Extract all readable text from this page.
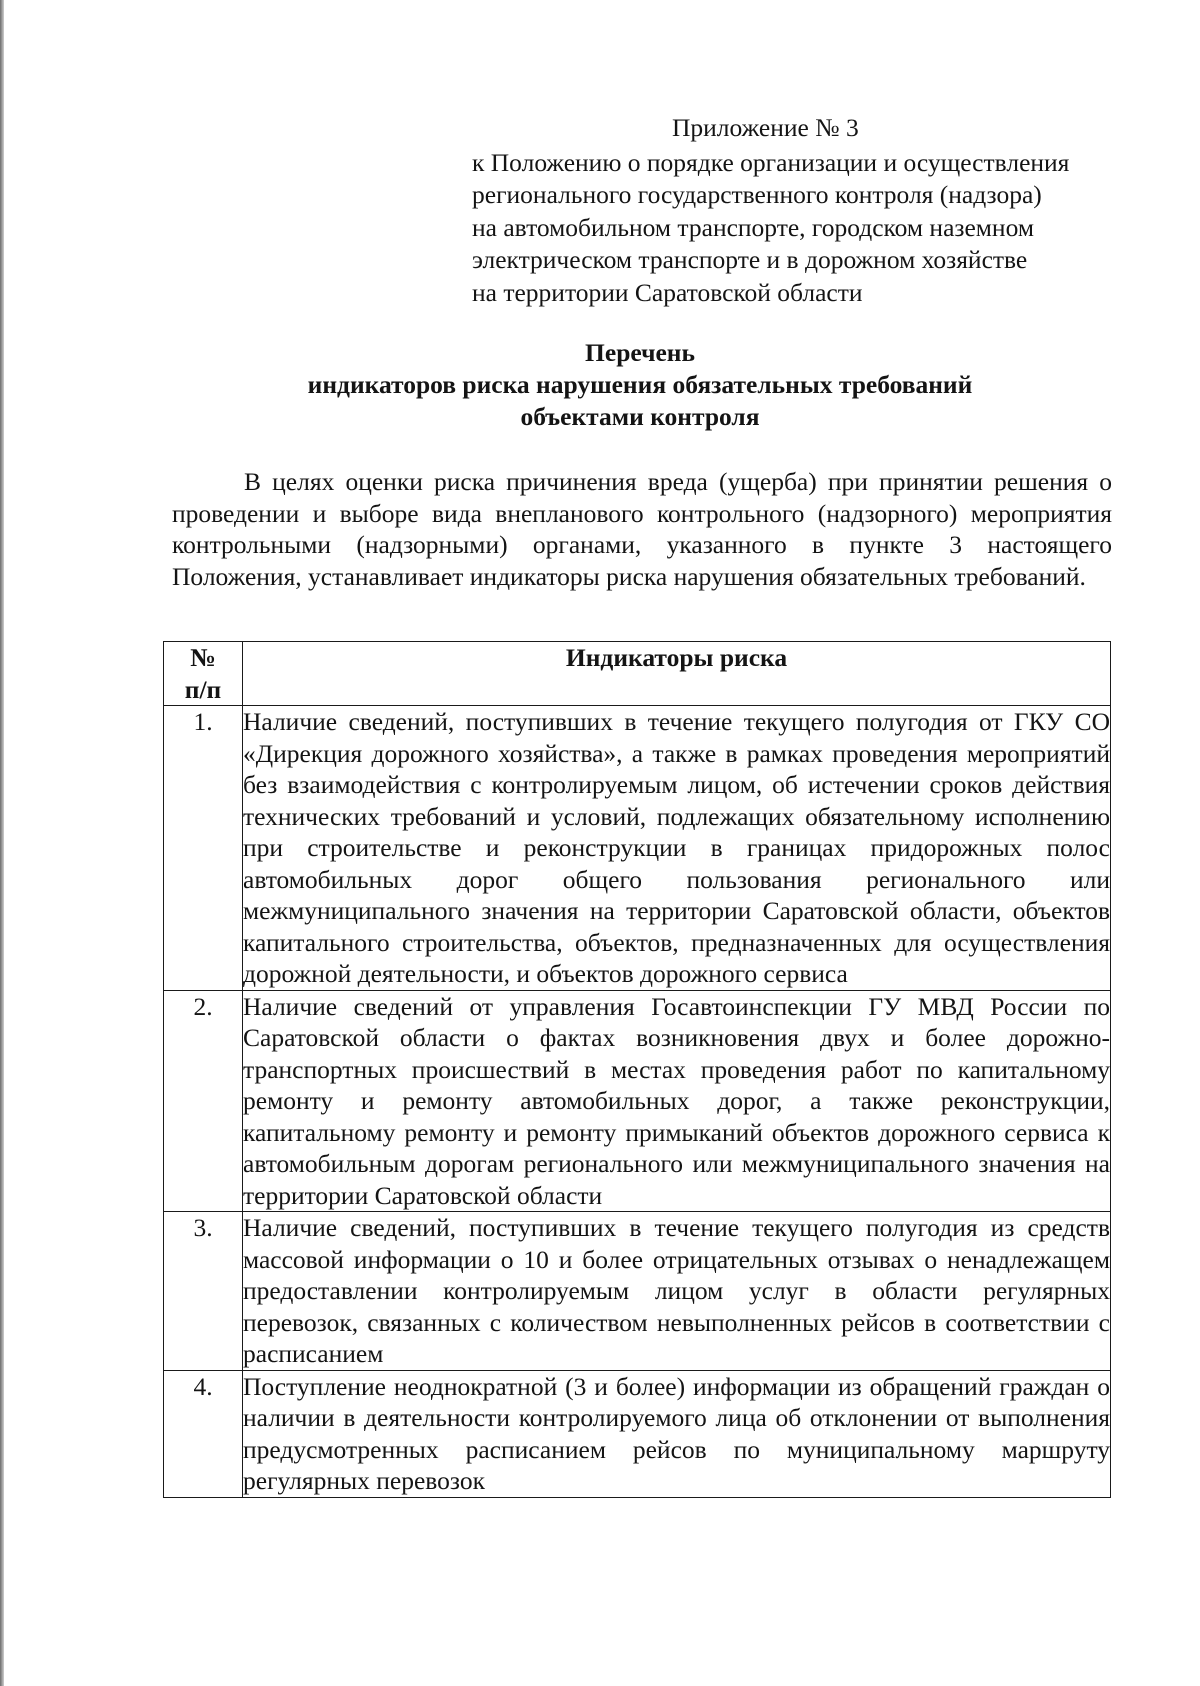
Приложение № 3
к Положению о порядке организации и осуществления
регионального государственного контроля (надзора)
на автомобильном транспорте, городском наземном
электрическом транспорте и в дорожном хозяйстве
на территории Саратовской области
Перечень
индикаторов риска нарушения обязательных требований
объектами контроля

В целях оценки риска причинения вреда (ущерба) при принятии решения о проведении и выборе вида внепланового контрольного (надзорного) мероприятия контрольными (надзорными) органами, указанного в пункте 3 настоящего Положения, устанавливает индикаторы риска нарушения обязательных требований.

№
п/п	Индикаторы риска
1.	Наличие сведений, поступивших в течение текущего полугодия от ГКУ СО «Дирекция дорожного хозяйства», а также в рамках проведения мероприятий без взаимодействия с контролируемым лицом, об истечении сроков действия технических требований и условий, подлежащих обязательному исполнению при строительстве и реконструкции в границах придорожных полос автомобильных дорог общего пользования регионального или межмуниципального значения на территории Саратовской области, объектов капитального строительства, объектов, предназначенных для осуществления дорожной деятельности, и объектов дорожного сервиса
2.	Наличие сведений от управления Госавтоинспекции ГУ МВД России по Саратовской области о фактах возникновения двух и более дорожно-транспортных происшествий в местах проведения работ по капитальному ремонту и ремонту автомобильных дорог, а также реконструкции, капитальному ремонту и ремонту примыканий объектов дорожного сервиса к автомобильным дорогам регионального или межмуниципального значения на территории Саратовской области
3.	Наличие сведений, поступивших в течение текущего полугодия из средств массовой информации о 10 и более отрицательных отзывах о ненадлежащем предоставлении контролируемым лицом услуг в области регулярных перевозок, связанных с количеством невыполненных рейсов в соответствии с расписанием
4.	Поступление неоднократной (3 и более) информации из обращений граждан о наличии в деятельности контролируемого лица об отклонении от выполнения предусмотренных расписанием рейсов по муниципальному маршруту регулярных перевозок
